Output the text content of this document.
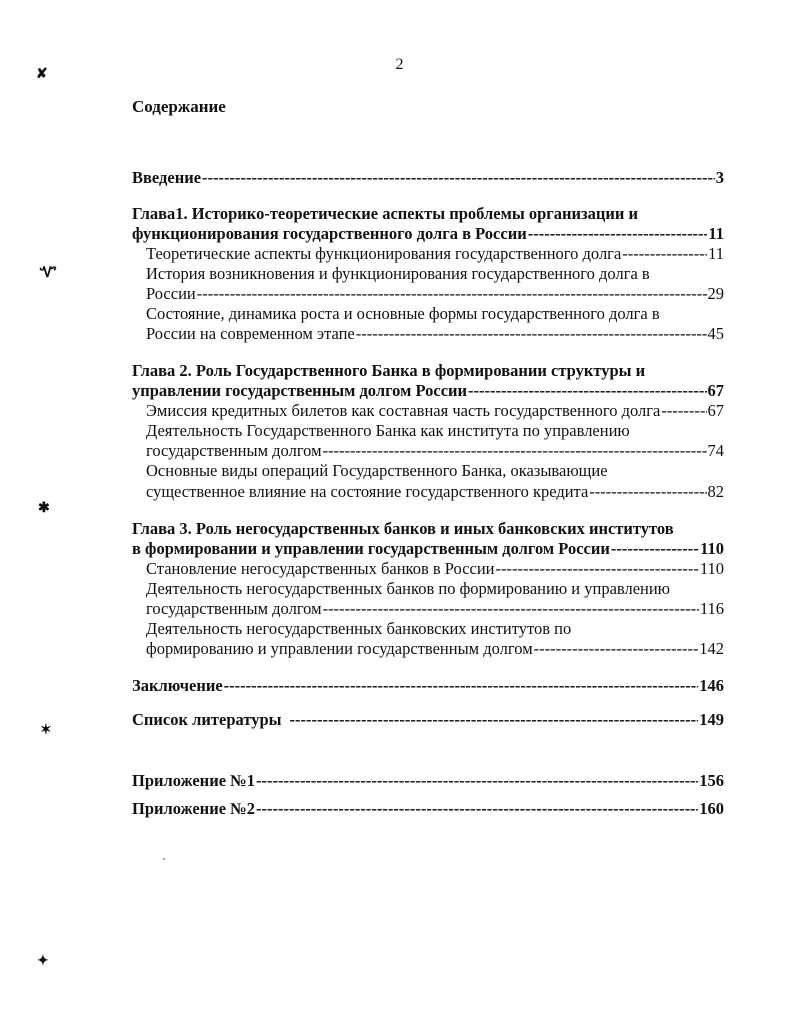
2
Содержание
Введение -----	3
Глава1. Историко-теоретические аспекты проблемы организации и
функционирования государственного долга в России -----	11
Теоретические аспекты функционирования государственного долга -----	11
История возникновения и функционирования государственного долга в
России -----	29
Состояние, динамика роста и основные формы государственного долга в
России на современном этапе -----	45
Глава 2. Роль Государственного Банка в формировании структуры и
управлении государственным долгом России -----	67
Эмиссия кредитных билетов как составная часть государственного долга -----	67
Деятельность Государственного Банка как института по управлению
государственным долгом -----	74
Основные виды операций Государственного Банка, оказывающие
существенное влияние на состояние государственного кредита -----	82
Глава 3. Роль негосударственных банков и иных банковских институтов
в формировании и управлении государственным долгом России -----	110
Становление негосударственных банков в России -----	110
Деятельность негосударственных банков по формированию и управлению
государственным долгом -----	116
Деятельность негосударственных банковских институтов по
формированию и управлении государственным долгом -----	142
Заключение -----	146
Список литературы -----	149
Приложение №1 -----	156
Приложение №2 -----	160
✘
Ꮙ
✱
✶
✦
